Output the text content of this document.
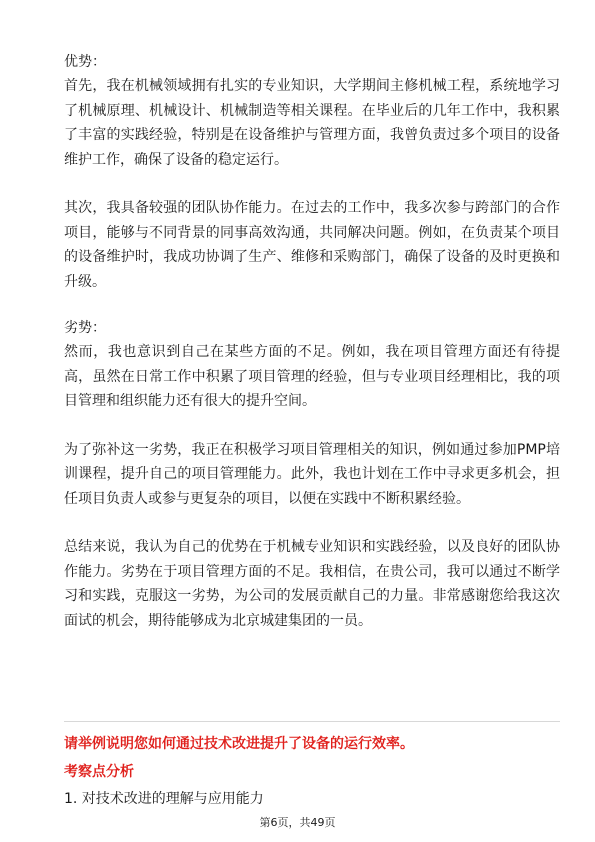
优势：

首先，我在机械领域拥有扎实的专业知识，大学期间主修机械工程，系统地学习了机械原理、机械设计、机械制造等相关课程。在毕业后的几年工作中，我积累了丰富的实践经验，特别是在设备维护与管理方面，我曾负责过多个项目的设备维护工作，确保了设备的稳定运行。

其次，我具备较强的团队协作能力。在过去的工作中，我多次参与跨部门的合作项目，能够与不同背景的同事高效沟通，共同解决问题。例如，在负责某个项目的设备维护时，我成功协调了生产、维修和采购部门，确保了设备的及时更换和升级。

劣势：

然而，我也意识到自己在某些方面的不足。例如，我在项目管理方面还有待提高，虽然在日常工作中积累了项目管理的经验，但与专业项目经理相比，我的项目管理和组织能力还有很大的提升空间。

为了弥补这一劣势，我正在积极学习项目管理相关的知识，例如通过参加PMP培训课程，提升自己的项目管理能力。此外，我也计划在工作中寻求更多机会，担任项目负责人或参与更复杂的项目，以便在实践中不断积累经验。

总结来说，我认为自己的优势在于机械专业知识和实践经验，以及良好的团队协作能力。劣势在于项目管理方面的不足。我相信，在贵公司，我可以通过不断学习和实践，克服这一劣势，为公司的发展贡献自己的力量。非常感谢您给我这次面试的机会，期待能够成为北京城建集团的一员。

请举例说明您如何通过技术改进提升了设备的运行效率。

考察点分析

1. 对技术改进的理解与应用能力

第6页，共49页
